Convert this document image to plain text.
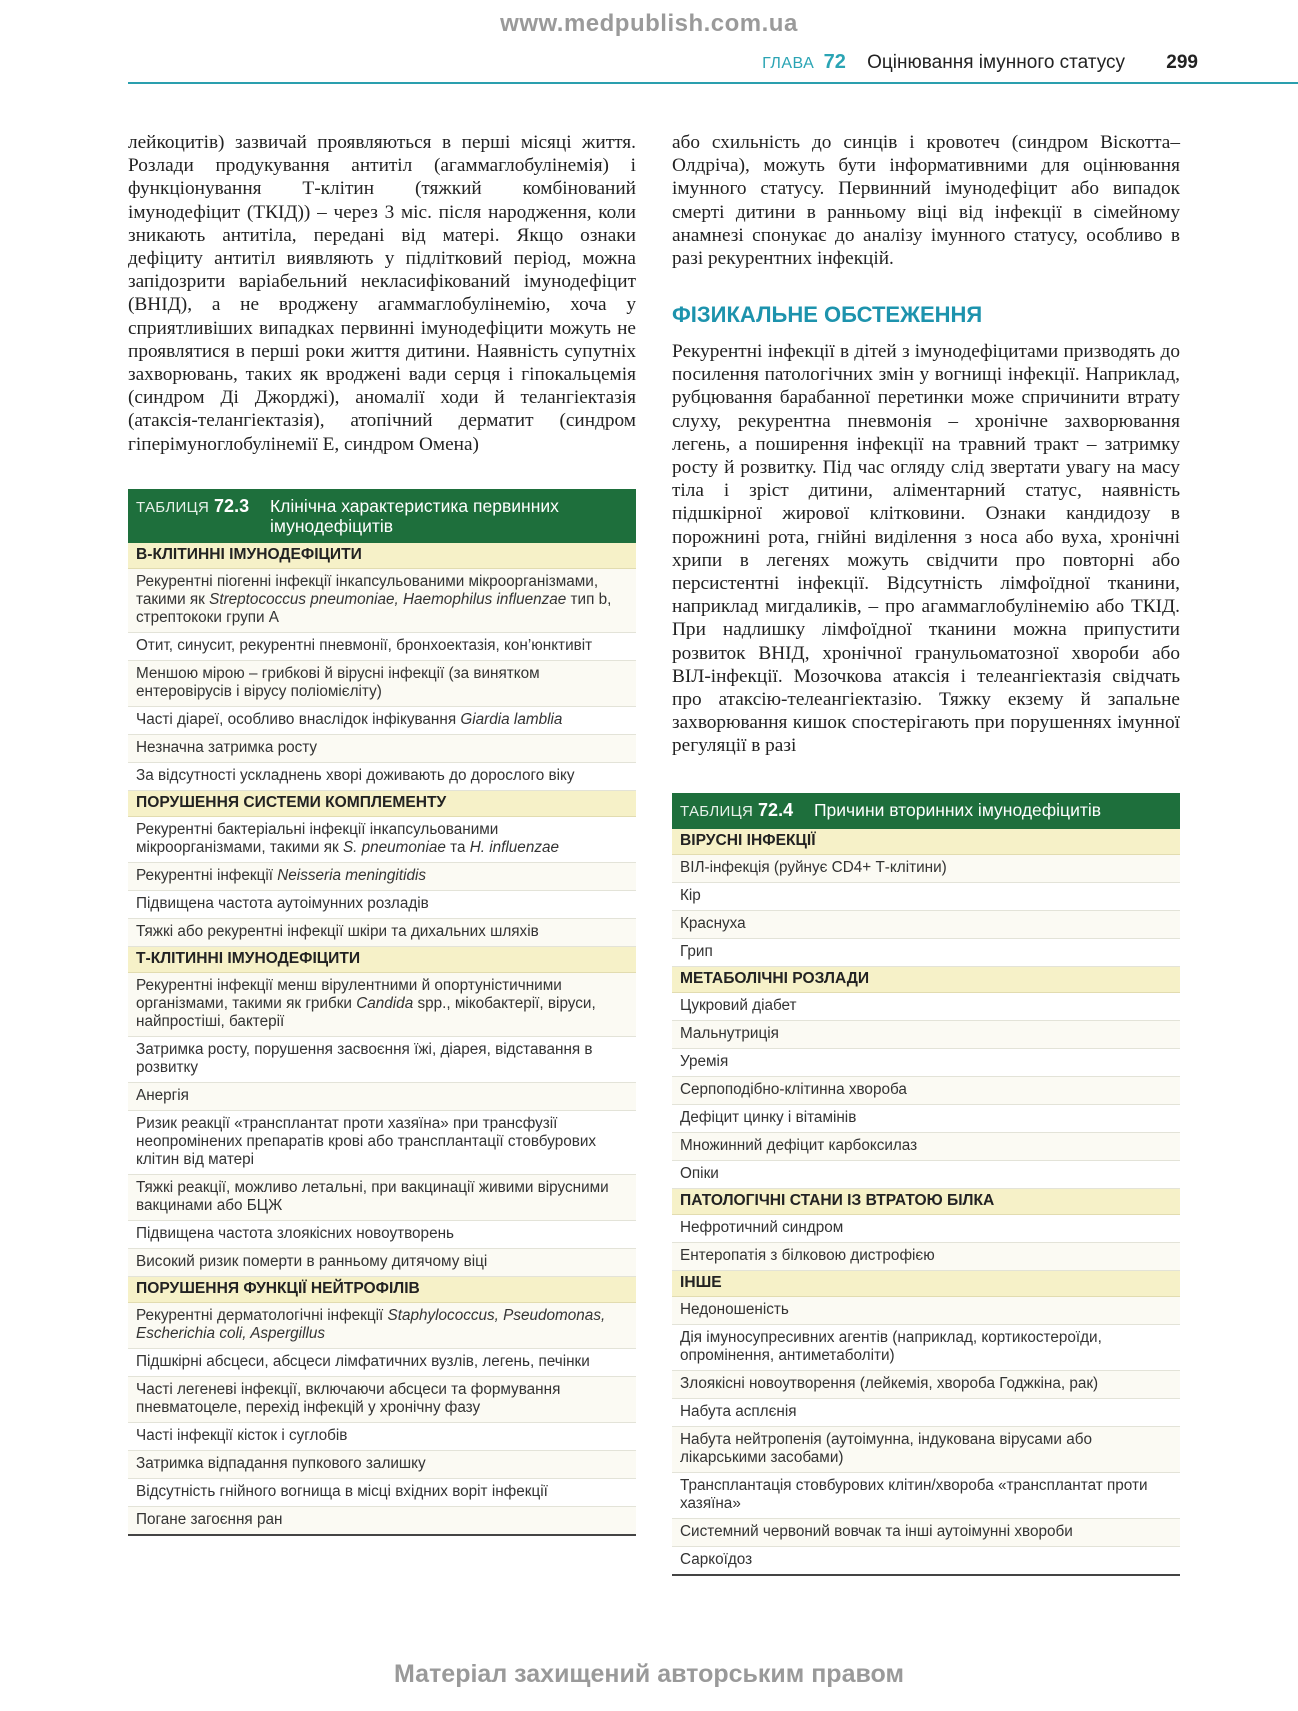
www.medpublish.com.ua
ГЛАВА 72 Оцінювання імунного статусу 299
лейкоцитів) зазвичай проявляються в перші місяці життя. Розлади продукування антитіл (агаммаглобулінемія) і функціонування Т-клітин (тяжкий комбінований імунодефіцит (ТКІД)) – через 3 міс. після народження, коли зникають антитіла, передані від матері. Якщо ознаки дефіциту антитіл виявляють у підлітковий період, можна запідозрити варіабельний некласифікований імунодефіцит (ВНІД), а не вроджену агаммаглобулінемію, хоча у сприятливіших випадках первинні імунодефіцити можуть не проявлятися в перші роки життя дитини. Наявність супутніх захворювань, таких як вроджені вади серця і гіпокальцемія (синдром Ді Джорджі), аномалії ходи й телангіектазія (атаксія-телангіектазія), атопічний дерматит (синдром гіперімуноглобулінемії Е, синдром Омена)
або схильність до синців і кровотеч (синдром Віскотта–Олдріча), можуть бути інформативними для оцінювання імунного статусу. Первинний імунодефіцит або випадок смерті дитини в ранньому віці від інфекції в сімейному анамнезі спонукає до аналізу імунного статусу, особливо в разі рекурентних інфекцій.
ФІЗИКАЛЬНЕ ОБСТЕЖЕННЯ
Рекурентні інфекції в дітей з імунодефіцитами призводять до посилення патологічних змін у вогнищі інфекції. Наприклад, рубцювання барабанної перетинки може спричинити втрату слуху, рекурентна пневмонія – хронічне захворювання легень, а поширення інфекції на травний тракт – затримку росту й розвитку. Під час огляду слід звертати увагу на масу тіла і зріст дитини, аліментарний статус, наявність підшкірної жирової клітковини. Ознаки кандидозу в порожнині рота, гнійні виділення з носа або вуха, хронічні хрипи в легенях можуть свідчити про повторні або персистентні інфекції. Відсутність лімфоїдної тканини, наприклад мигдаликів, – про агаммаглобулінемію або ТКІД. При надлишку лімфоїдної тканини можна припустити розвиток ВНІД, хронічної гранульоматозної хвороби або ВІЛ-інфекції. Мозочкова атаксія і телеангіектазія свідчать про атаксію-телеангіектазію. Тяжку екзему й запальне захворювання кишок спостерігають при порушеннях імунної регуляції в разі
ТАБЛИЦЯ 72.3 Клінічна характеристика первинних імунодефіцитів
В-КЛІТИННІ ІМУНОДЕФІЦИТИ
Рекурентні піогенні інфекції інкапсульованими мікроорганізмами, такими як Streptococcus pneumoniae, Haemophilus influenzae тип b, стрептококи групи А
Отит, синусит, рекурентні пневмонії, бронхоектазія, кон’юнктивіт
Меншою мірою – грибкові й вірусні інфекції (за винятком ентеровірусів і вірусу поліомієліту)
Часті діареї, особливо внаслідок інфікування Giardia lamblia
Незначна затримка росту
За відсутності ускладнень хворі доживають до дорослого віку
ПОРУШЕННЯ СИСТЕМИ КОМПЛЕМЕНТУ
Рекурентні бактеріальні інфекції інкапсульованими мікроорганізмами, такими як S. pneumoniae та H. influenzae
Рекурентні інфекції Neisseria meningitidis
Підвищена частота аутоімунних розладів
Тяжкі або рекурентні інфекції шкіри та дихальних шляхів
Т-КЛІТИННІ ІМУНОДЕФІЦИТИ
Рекурентні інфекції менш вірулентними й опортуністичними організмами, такими як грибки Candida spp., мікобактерії, віруси, найпростіші, бактерії
Затримка росту, порушення засвоєння їжі, діарея, відставання в розвитку
Анергія
Ризик реакції «трансплантат проти хазяїна» при трансфузії неопромінених препаратів крові або трансплантації стовбурових клітин від матері
Тяжкі реакції, можливо летальні, при вакцинації живими вірусними вакцинами або БЦЖ
Підвищена частота злоякісних новоутворень
Високий ризик померти в ранньому дитячому віці
ПОРУШЕННЯ ФУНКЦІЇ НЕЙТРОФІЛІВ
Рекурентні дерматологічні інфекції Staphylococcus, Pseudomonas, Escherichia coli, Aspergillus
Підшкірні абсцеси, абсцеси лімфатичних вузлів, легень, печінки
Часті легеневі інфекції, включаючи абсцеси та формування пневматоцеле, перехід інфекцій у хронічну фазу
Часті інфекції кісток і суглобів
Затримка відпадання пупкового залишку
Відсутність гнійного вогнища в місці вхідних воріт інфекції
Погане загоєння ран
ТАБЛИЦЯ 72.4 Причини вторинних імунодефіцитів
ВІРУСНІ ІНФЕКЦІЇ
ВІЛ-інфекція (руйнує CD4+ Т-клітини)
Кір
Краснуха
Грип
МЕТАБОЛІЧНІ РОЗЛАДИ
Цукровий діабет
Мальнутриція
Уремія
Серпоподібно-клітинна хвороба
Дефіцит цинку і вітамінів
Множинний дефіцит карбоксилаз
Опіки
ПАТОЛОГІЧНІ СТАНИ ІЗ ВТРАТОЮ БІЛКА
Нефротичний синдром
Ентеропатія з білковою дистрофією
ІНШЕ
Недоношеність
Дія імуносупресивних агентів (наприклад, кортикостероїди, опромінення, антиметаболіти)
Злоякісні новоутворення (лейкемія, хвороба Годжкіна, рак)
Набута асплєнія
Набута нейтропенія (аутоімунна, індукована вірусами або лікарськими засобами)
Трансплантація стовбурових клітин/хвороба «трансплантат проти хазяїна»
Системний червоний вовчак та інші аутоімунні хвороби
Саркоїдоз
Матеріал захищений авторським правом
